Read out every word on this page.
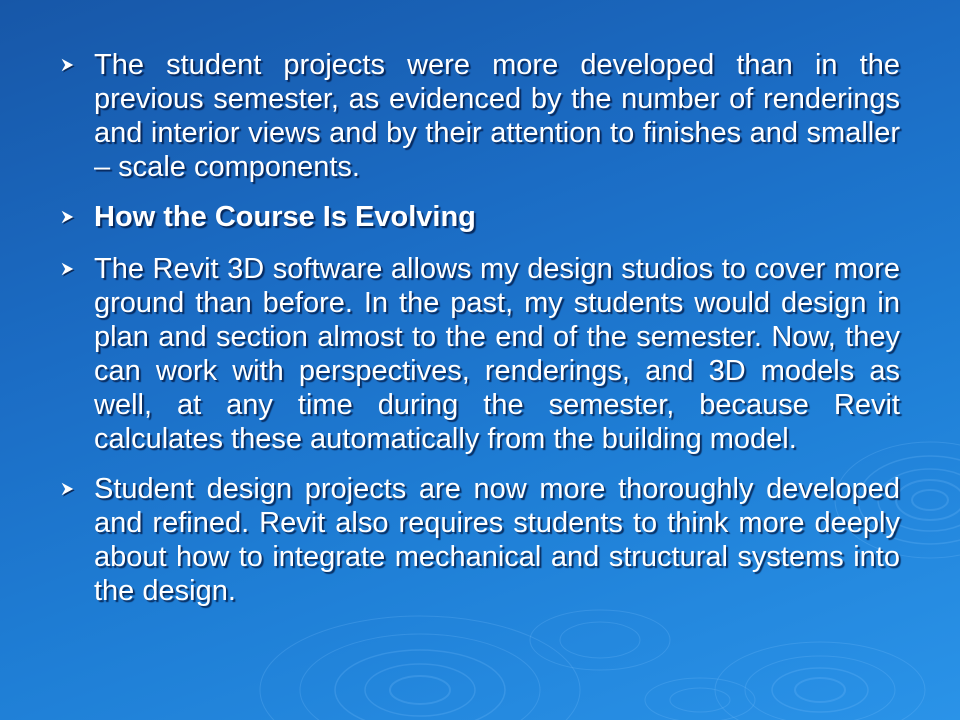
The student projects were more developed than in the previous semester, as evidenced by the number of renderings and interior views and by their attention to finishes and smaller – scale components.
How the Course Is Evolving
The Revit 3D software allows my design studios to cover more ground than before. In the past, my students would design in plan and section almost to the end of the semester. Now, they can work with perspectives, renderings, and 3D models as well, at any time during the semester, because Revit calculates these automatically from the building model.
Student design projects are now more thoroughly developed and refined. Revit also requires students to think more deeply about how to integrate mechanical and structural systems into the design.
